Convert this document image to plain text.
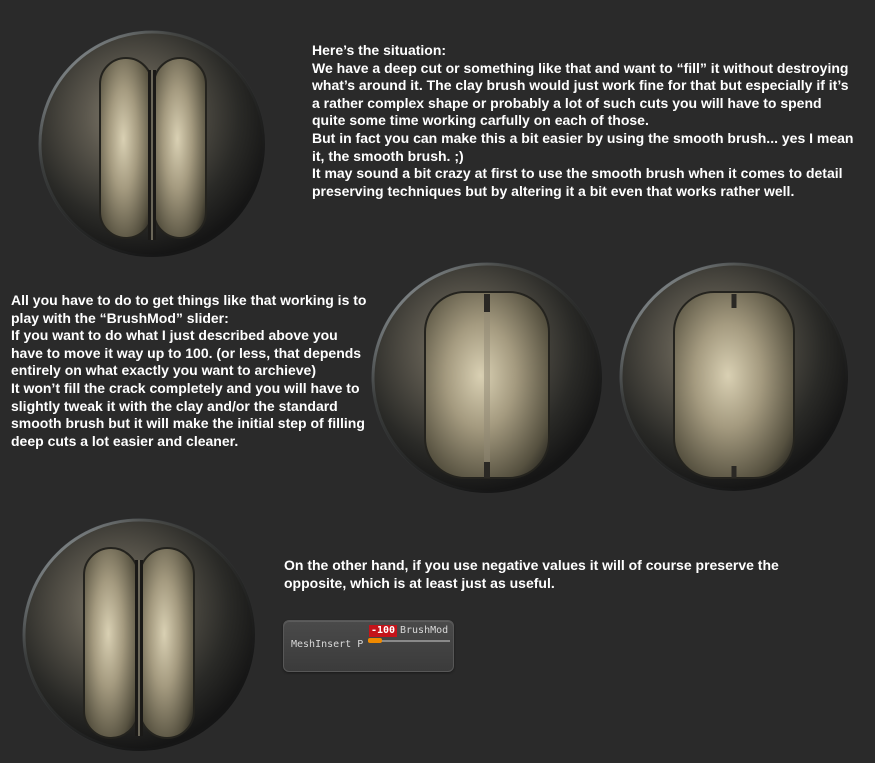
Here’s the situation:

We have a deep cut or something like that and want to “fill” it without destroying what’s around it. The clay brush would just work fine for that but especially if it’s a rather complex shape or probably a lot of such cuts you will have to spend quite some time working carfully on each of those.

But in fact you can make this a bit easier by using the smooth brush... yes I mean it, the smooth brush. ;)

It may sound a bit crazy at first to use the smooth brush when it comes to detail preserving techniques but by altering it a bit even that works rather well.

All you have to do to get things like that working is to play with the “BrushMod” slider:

If you want to do what I just described above you have to move it way up to 100. (or less, that depends entirely on what exactly you want to archieve)

It won’t fill the crack completely and you will have to slightly tweak it with the clay and/or the standard smooth brush but it will make the initial step of filling deep cuts a lot easier and cleaner.

On the other hand, if you use negative values it will of course preserve the opposite, which is at least just as useful.

MeshInsert P
-100 BrushMod
